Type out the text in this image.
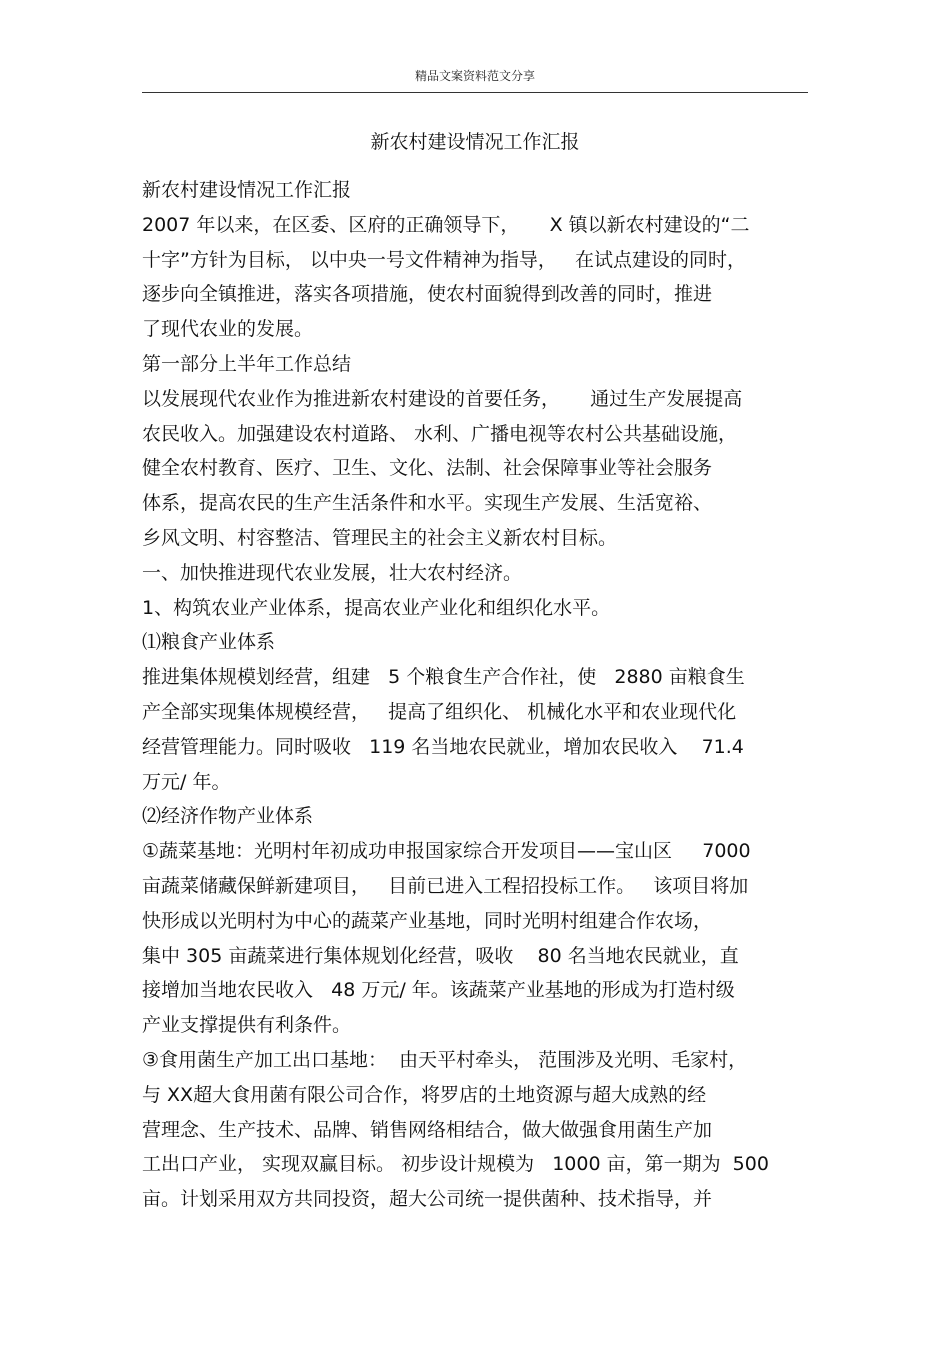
精品文案资料范文分享
新农村建设情况工作汇报
新农村建设情况工作汇报
2007 年以来，在区委、区府的正确领导下，     X 镇以新农村建设的“二
十字”方针为目标， 以中央一号文件精神为指导，   在试点建设的同时，
逐步向全镇推进，落实各项措施，使农村面貌得到改善的同时，推进
了现代农业的发展。
第一部分上半年工作总结
以发展现代农业作为推进新农村建设的首要任务，     通过生产发展提高
农民收入。加强建设农村道路、 水利、广播电视等农村公共基础设施，
健全农村教育、医疗、卫生、文化、法制、社会保障事业等社会服务
体系，提高农民的生产生活条件和水平。实现生产发展、生活宽裕、
乡风文明、村容整洁、管理民主的社会主义新农村目标。
一、加快推进现代农业发展，壮大农村经济。
1、构筑农业产业体系，提高农业产业化和组织化水平。
⑴粮食产业体系
推进集体规模划经营，组建   5 个粮食生产合作社，使   2880 亩粮食生
产全部实现集体规模经营，   提高了组织化、 机械化水平和农业现代化
经营管理能力。同时吸收   119 名当地农民就业，增加农民收入    71.4
万元/ 年。
⑵经济作物产业体系
①蔬菜基地：光明村年初成功申报国家综合开发项目——宝山区     7000
亩蔬菜储藏保鲜新建项目，   目前已进入工程招投标工作。   该项目将加
快形成以光明村为中心的蔬菜产业基地，同时光明村组建合作农场，
集中 305 亩蔬菜进行集体规划化经营，吸收    80 名当地农民就业，直
接增加当地农民收入   48 万元/ 年。该蔬菜产业基地的形成为打造村级
产业支撑提供有利条件。
③食用菌生产加工出口基地：  由天平村牵头， 范围涉及光明、毛家村，
与 XX超大食用菌有限公司合作，将罗店的土地资源与超大成熟的经
营理念、生产技术、品牌、销售网络相结合，做大做强食用菌生产加
工出口产业， 实现双赢目标。 初步设计规模为   1000 亩，第一期为  500
亩。计划采用双方共同投资，超大公司统一提供菌种、技术指导，并
